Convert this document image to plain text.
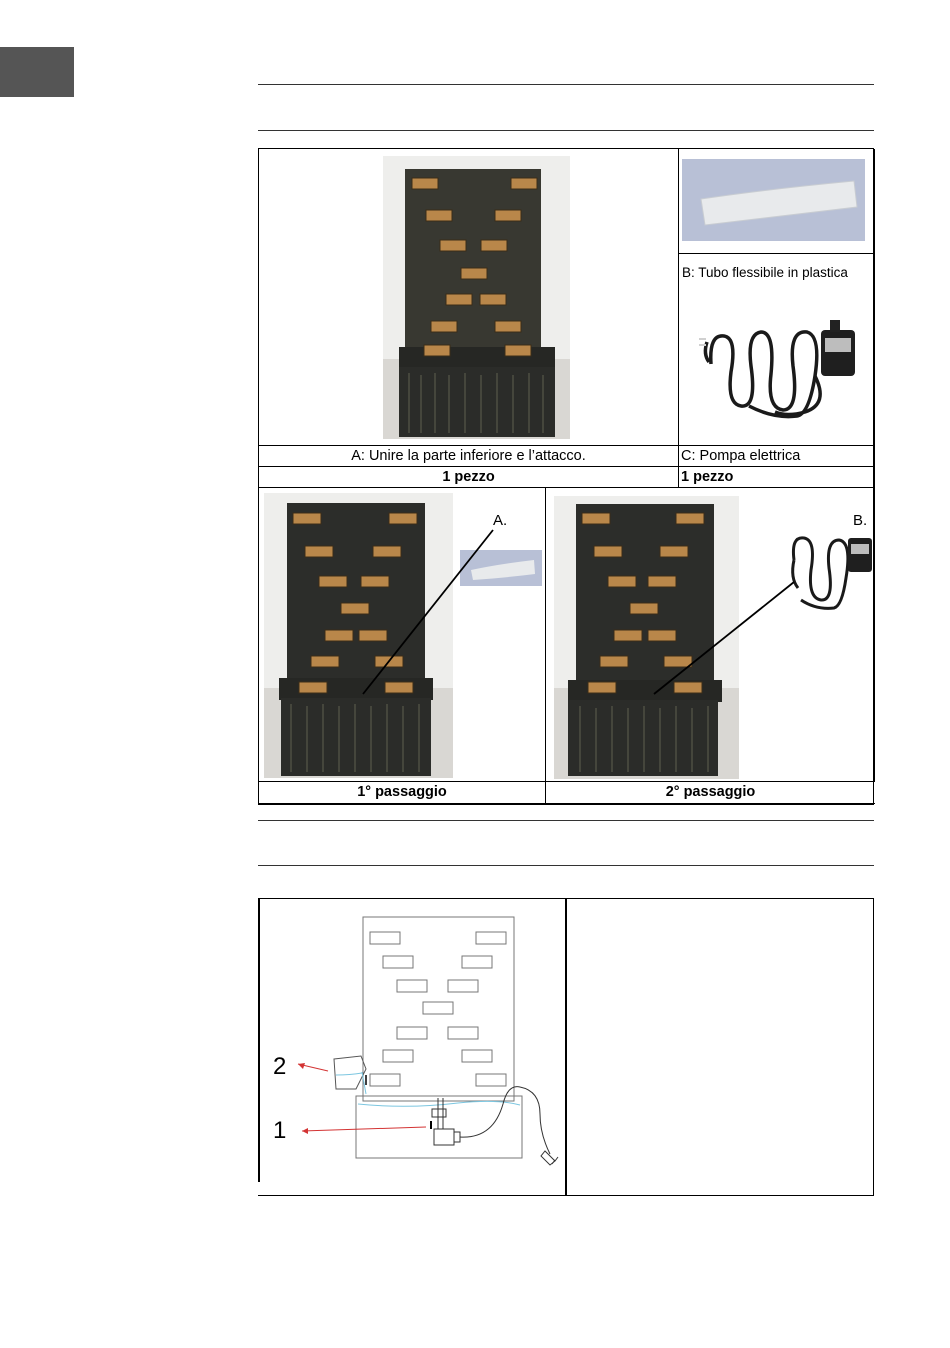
B: Tubo flessibile in plastica
A: Unire la parte inferiore e l’attacco.	C: Pompa elettrica
1 pezzo	1 pezzo
A.	B.
1° passaggio	2° passaggio
2
1
